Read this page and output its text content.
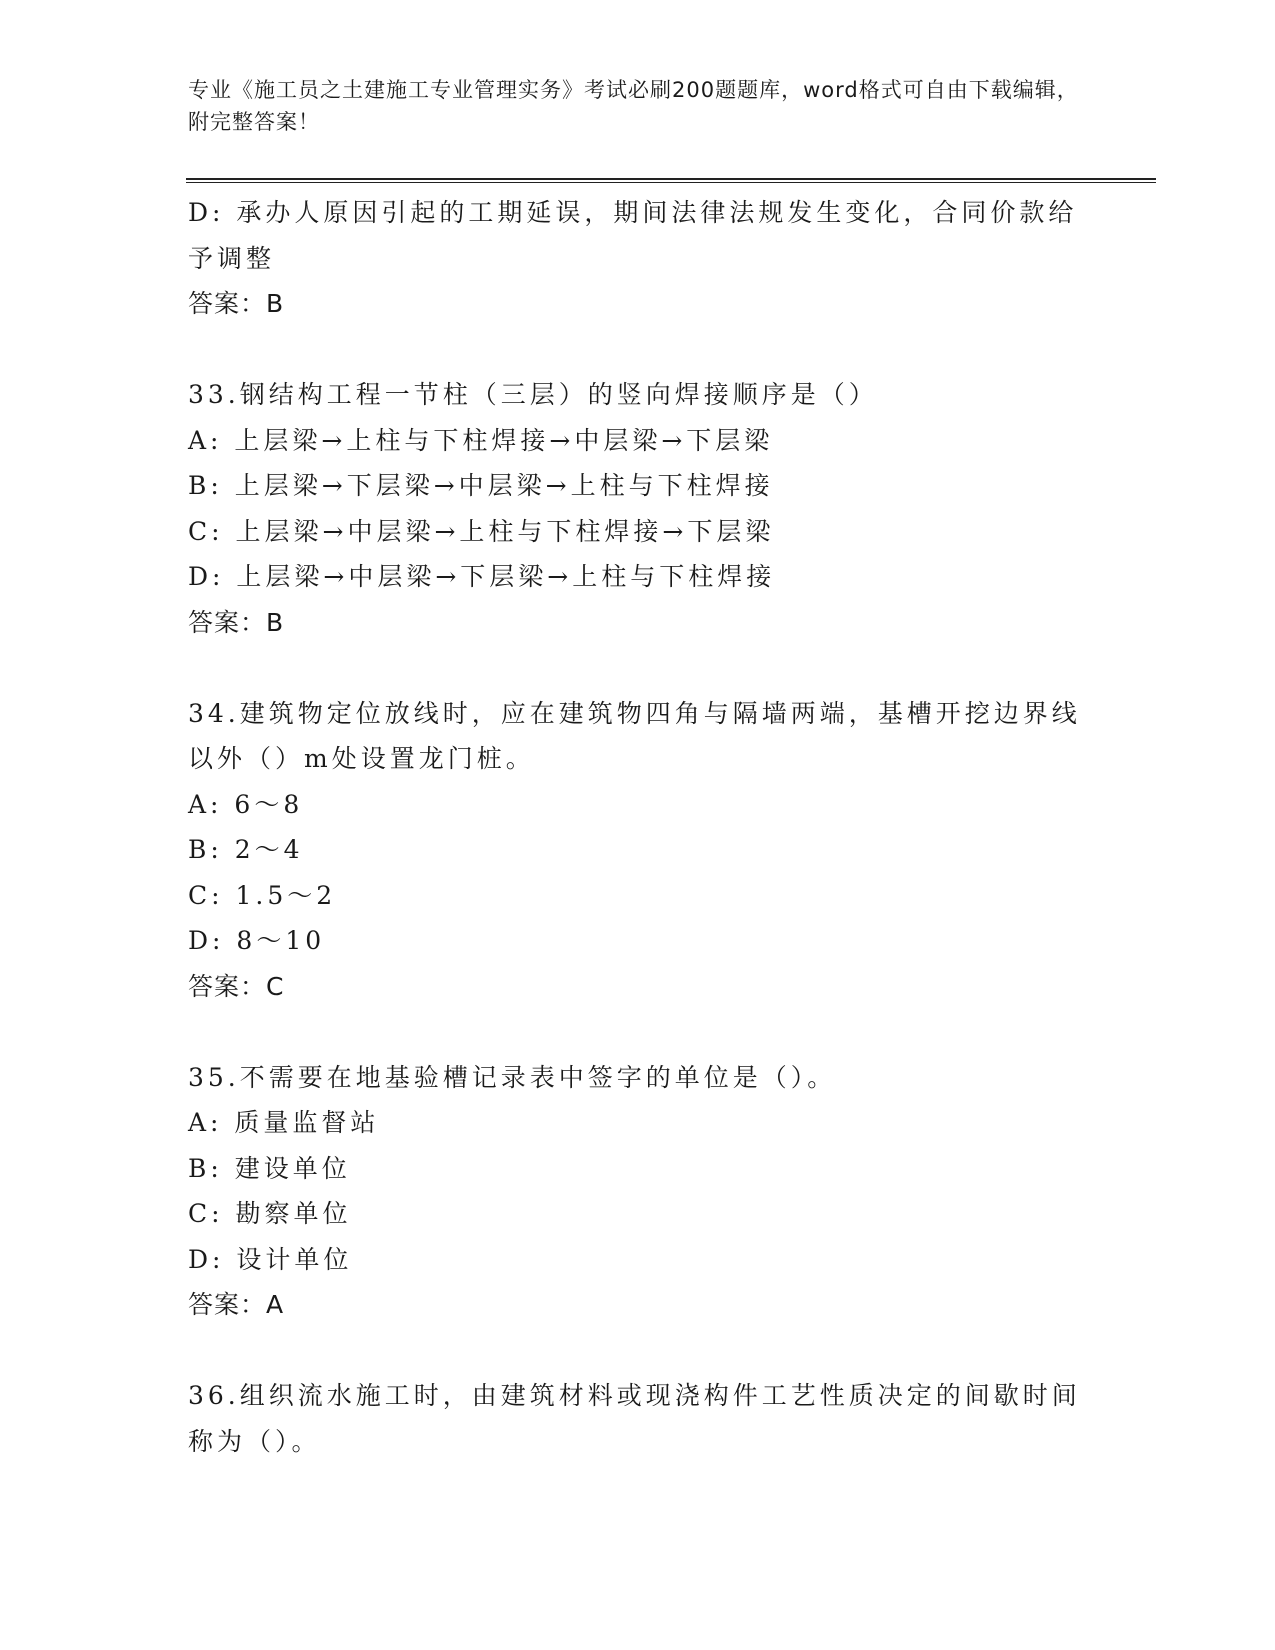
专业《施工员之土建施工专业管理实务》考试必刷200题题库，word格式可自由下载编辑，附完整答案！
D: 承办人原因引起的工期延误，期间法律法规发生变化，合同价款给
予调整
答案：B
33.钢结构工程一节柱（三层）的竖向焊接顺序是（）
A: 上层梁→上柱与下柱焊接→中层梁→下层梁
B: 上层梁→下层梁→中层梁→上柱与下柱焊接
C: 上层梁→中层梁→上柱与下柱焊接→下层梁
D: 上层梁→中层梁→下层梁→上柱与下柱焊接
答案：B
34.建筑物定位放线时，应在建筑物四角与隔墙两端，基槽开挖边界线
以外（）m处设置龙门桩。
A: 6～8
B: 2～4
C: 1.5～2
D: 8～10
答案：C
35.不需要在地基验槽记录表中签字的单位是（）。
A: 质量监督站
B: 建设单位
C: 勘察单位
D: 设计单位
答案：A
36.组织流水施工时，由建筑材料或现浇构件工艺性质决定的间歇时间
称为（）。
